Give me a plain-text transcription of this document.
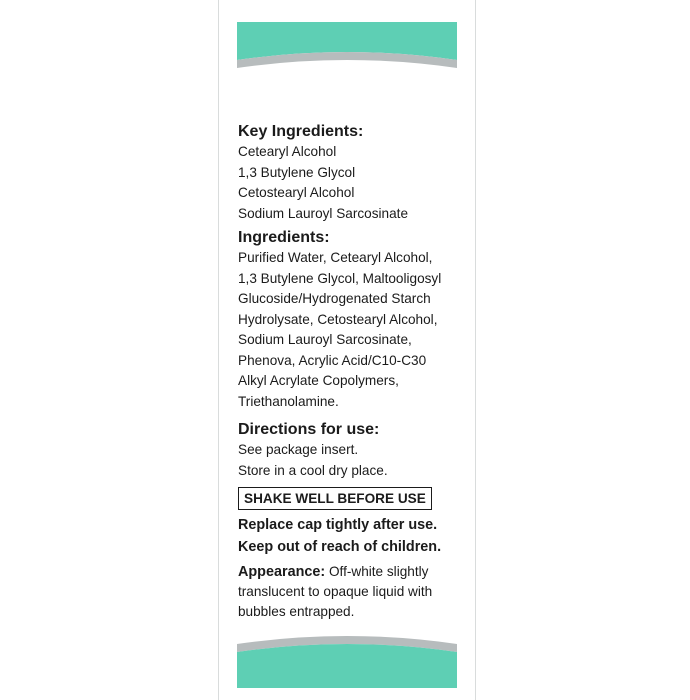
Key Ingredients:

Cetearyl Alcohol

1,3 Butylene Glycol

Cetostearyl Alcohol

Sodium Lauroyl Sarcosinate

Ingredients:

Purified Water, Cetearyl Alcohol,

1,3 Butylene Glycol, Maltooligosyl

Glucoside/Hydrogenated Starch

Hydrolysate, Cetostearyl Alcohol,

Sodium Lauroyl Sarcosinate,

Phenova, Acrylic Acid/C10-C30

Alkyl Acrylate Copolymers,

Triethanolamine.

Directions for use:

See package insert.

Store in a cool dry place.

SHAKE WELL BEFORE USE

Replace cap tightly after use.

Keep out of reach of children.

Appearance: Off-white slightly
translucent to opaque liquid with
bubbles entrapped.
